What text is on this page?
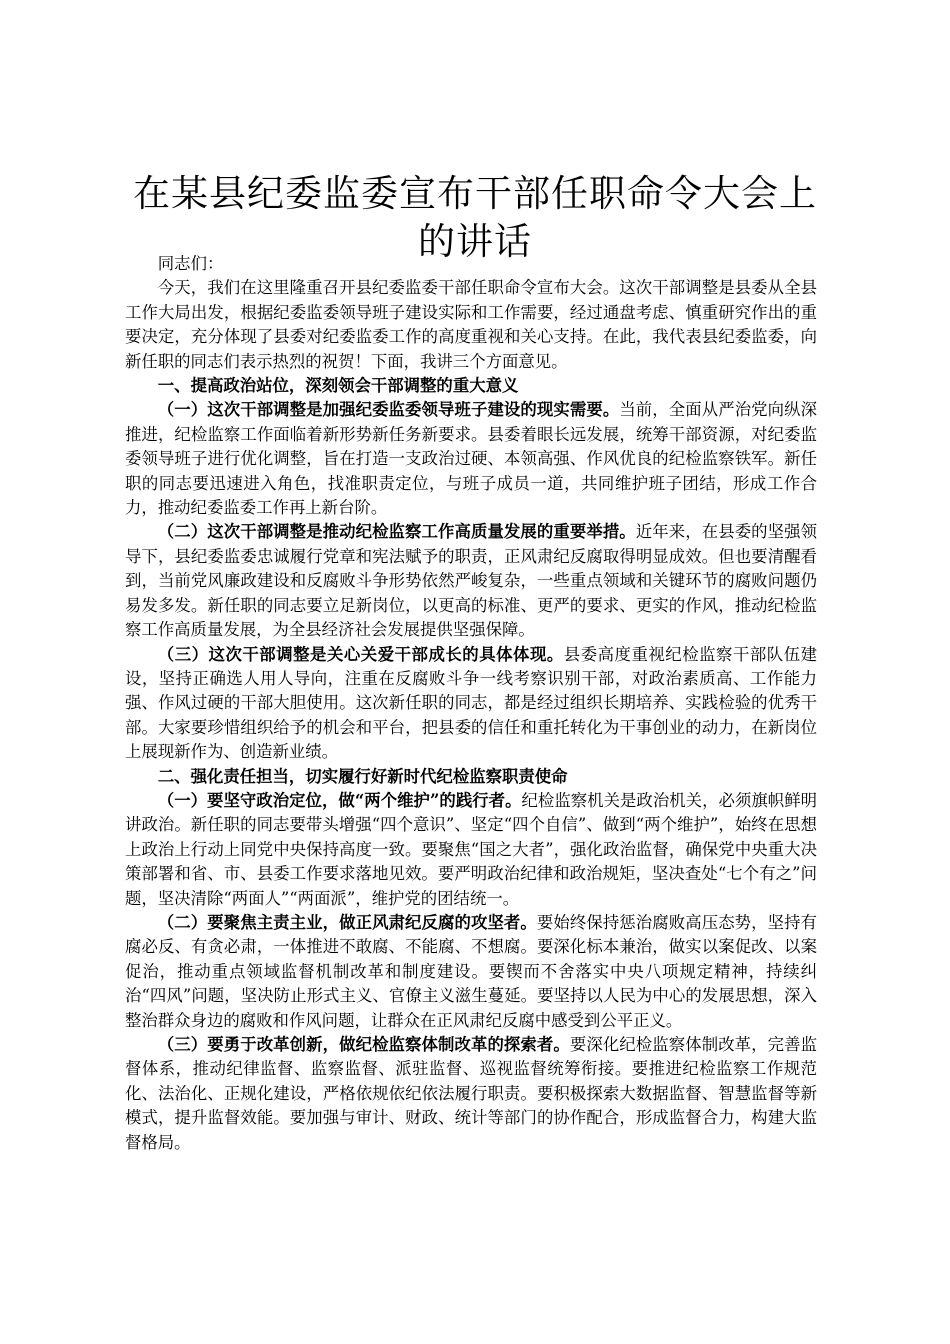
在某县纪委监委宣布干部任职命令大会上的讲话

同志们：

今天，我们在这里隆重召开县纪委监委干部任职命令宣布大会。这次干部调整是县委从全县工作大局出发，根据纪委监委领导班子建设实际和工作需要，经过通盘考虑、慎重研究作出的重要决定，充分体现了县委对纪委监委工作的高度重视和关心支持。在此，我代表县纪委监委，向新任职的同志们表示热烈的祝贺！下面，我讲三个方面意见。

一、提高政治站位，深刻领会干部调整的重大意义

（一）这次干部调整是加强纪委监委领导班子建设的现实需要。当前，全面从严治党向纵深推进，纪检监察工作面临着新形势新任务新要求。县委着眼长远发展，统筹干部资源，对纪委监委领导班子进行优化调整，旨在打造一支政治过硬、本领高强、作风优良的纪检监察铁军。新任职的同志要迅速进入角色，找准职责定位，与班子成员一道，共同维护班子团结，形成工作合力，推动纪委监委工作再上新台阶。

（二）这次干部调整是推动纪检监察工作高质量发展的重要举措。近年来，在县委的坚强领导下，县纪委监委忠诚履行党章和宪法赋予的职责，正风肃纪反腐取得明显成效。但也要清醒看到，当前党风廉政建设和反腐败斗争形势依然严峻复杂，一些重点领域和关键环节的腐败问题仍易发多发。新任职的同志要立足新岗位，以更高的标准、更严的要求、更实的作风，推动纪检监察工作高质量发展，为全县经济社会发展提供坚强保障。

（三）这次干部调整是关心关爱干部成长的具体体现。县委高度重视纪检监察干部队伍建设，坚持正确选人用人导向，注重在反腐败斗争一线考察识别干部，对政治素质高、工作能力强、作风过硬的干部大胆使用。这次新任职的同志，都是经过组织长期培养、实践检验的优秀干部。大家要珍惜组织给予的机会和平台，把县委的信任和重托转化为干事创业的动力，在新岗位上展现新作为、创造新业绩。

二、强化责任担当，切实履行好新时代纪检监察职责使命

（一）要坚守政治定位，做“两个维护”的践行者。纪检监察机关是政治机关，必须旗帜鲜明讲政治。新任职的同志要带头增强“四个意识”、坚定“四个自信”、做到“两个维护”，始终在思想上政治上行动上同党中央保持高度一致。要聚焦“国之大者”，强化政治监督，确保党中央重大决策部署和省、市、县委工作要求落地见效。要严明政治纪律和政治规矩，坚决查处“七个有之”问题，坚决清除“两面人”“两面派”，维护党的团结统一。

（二）要聚焦主责主业，做正风肃纪反腐的攻坚者。要始终保持惩治腐败高压态势，坚持有腐必反、有贪必肃，一体推进不敢腐、不能腐、不想腐。要深化标本兼治，做实以案促改、以案促治，推动重点领域监督机制改革和制度建设。要锲而不舍落实中央八项规定精神，持续纠治“四风”问题，坚决防止形式主义、官僚主义滋生蔓延。要坚持以人民为中心的发展思想，深入整治群众身边的腐败和作风问题，让群众在正风肃纪反腐中感受到公平正义。

（三）要勇于改革创新，做纪检监察体制改革的探索者。要深化纪检监察体制改革，完善监督体系，推动纪律监督、监察监督、派驻监督、巡视监督统筹衔接。要推进纪检监察工作规范化、法治化、正规化建设，严格依规依纪依法履行职责。要积极探索大数据监督、智慧监督等新模式，提升监督效能。要加强与审计、财政、统计等部门的协作配合，形成监督合力，构建大监督格局。
